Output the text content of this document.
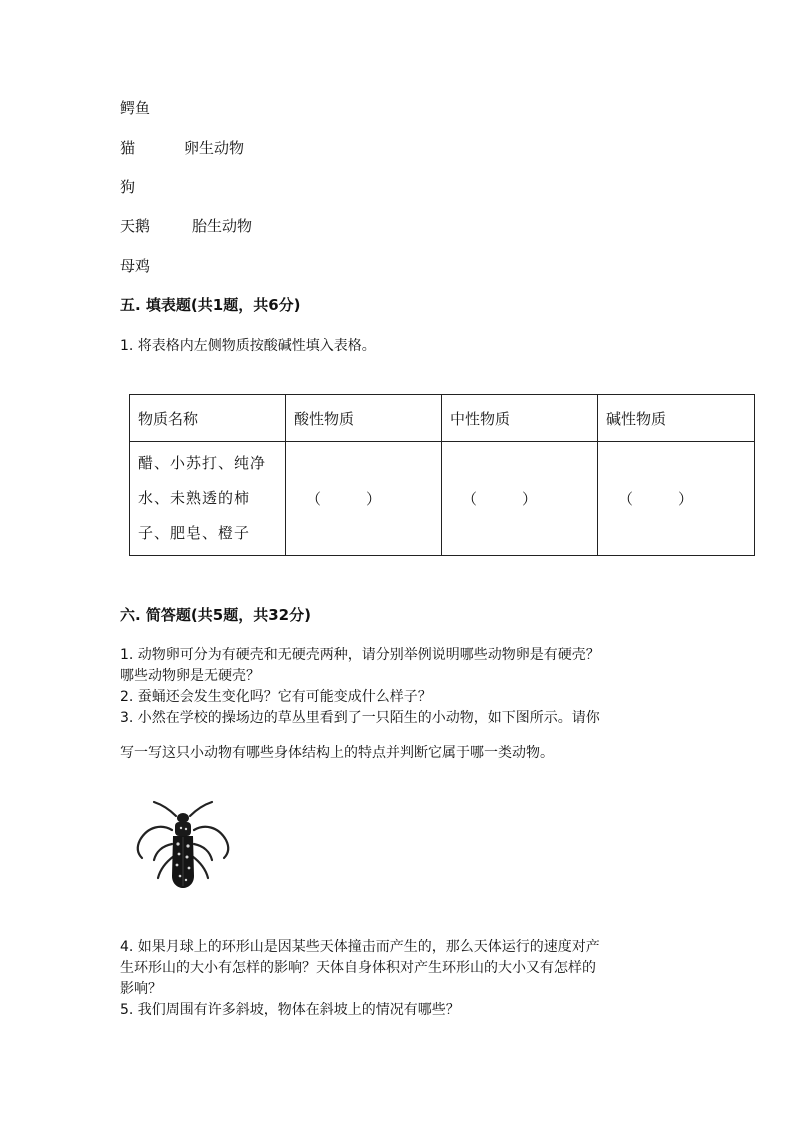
鳄鱼
猫	卵生动物
狗
天鹅	胎生动物
母鸡
五. 填表题(共1题，共6分)
1. 将表格内左侧物质按酸碱性填入表格。
物质名称	酸性物质	中性物质	碱性物质
醋、小苏打、纯净水、未熟透的柿子、肥皂、橙子	（　　　）	（　　　）	（　　　）
六. 简答题(共5题，共32分)
1. 动物卵可分为有硬壳和无硬壳两种，请分别举例说明哪些动物卵是有硬壳？
哪些动物卵是无硬壳？
2. 蚕蛹还会发生变化吗？它有可能变成什么样子？
3. 小然在学校的操场边的草丛里看到了一只陌生的小动物，如下图所示。请你
写一写这只小动物有哪些身体结构上的特点并判断它属于哪一类动物。
4. 如果月球上的环形山是因某些天体撞击而产生的，那么天体运行的速度对产
生环形山的大小有怎样的影响？天体自身体积对产生环形山的大小又有怎样的
影响？
5. 我们周围有许多斜坡，物体在斜坡上的情况有哪些？
